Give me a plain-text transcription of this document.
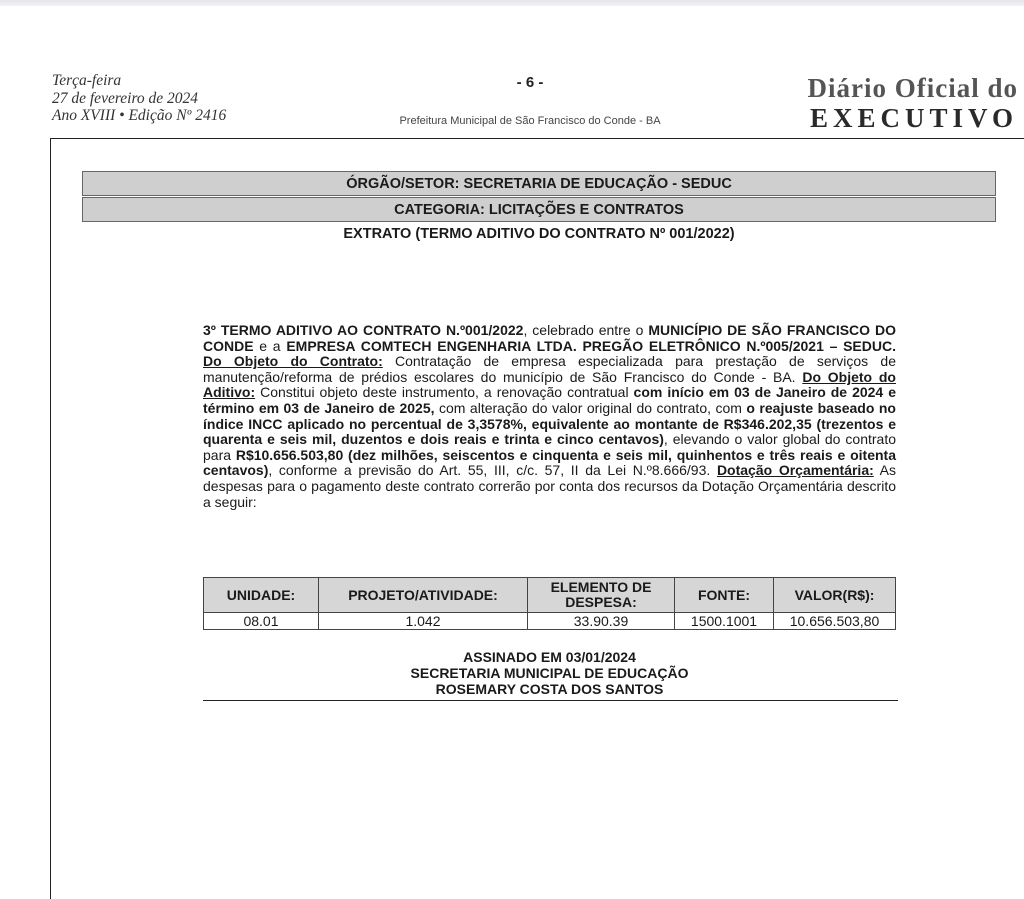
Terça-feira
27 de fevereiro de 2024
Ano XVIII • Edição Nº 2416
- 6 -
Prefeitura Municipal de São Francisco do Conde - BA
Diário Oficial do
EXECUTIVO
ÓRGÃO/SETOR: SECRETARIA DE EDUCAÇÃO - SEDUC
CATEGORIA: LICITAÇÕES E CONTRATOS
EXTRATO (TERMO ADITIVO DO CONTRATO Nº 001/2022)
3º TERMO ADITIVO AO CONTRATO N.º001/2022, celebrado entre o MUNICÍPIO DE SÃO FRANCISCO DO CONDE e a EMPRESA COMTECH ENGENHARIA LTDA. PREGÃO ELETRÔNICO N.º005/2021 – SEDUC. Do Objeto do Contrato: Contratação de empresa especializada para prestação de serviços de manutenção/reforma de prédios escolares do município de São Francisco do Conde - BA. Do Objeto do Aditivo: Constitui objeto deste instrumento, a renovação contratual com início em 03 de Janeiro de 2024 e término em 03 de Janeiro de 2025, com alteração do valor original do contrato, com o reajuste baseado no índice INCC aplicado no percentual de 3,3578%, equivalente ao montante de R$346.202,35 (trezentos e quarenta e seis mil, duzentos e dois reais e trinta e cinco centavos), elevando o valor global do contrato para R$10.656.503,80 (dez milhões, seiscentos e cinquenta e seis mil, quinhentos e três reais e oitenta centavos), conforme a previsão do Art. 55, III, c/c. 57, II da Lei N.º8.666/93. Dotação Orçamentária: As despesas para o pagamento deste contrato correrão por conta dos recursos da Dotação Orçamentária descrito a seguir:
UNIDADE:	PROJETO/ATIVIDADE:	ELEMENTO DE DESPESA:	FONTE:	VALOR(R$):
08.01	1.042	33.90.39	1500.1001	10.656.503,80
ASSINADO EM 03/01/2024
SECRETARIA MUNICIPAL DE EDUCAÇÃO
ROSEMARY COSTA DOS SANTOS
